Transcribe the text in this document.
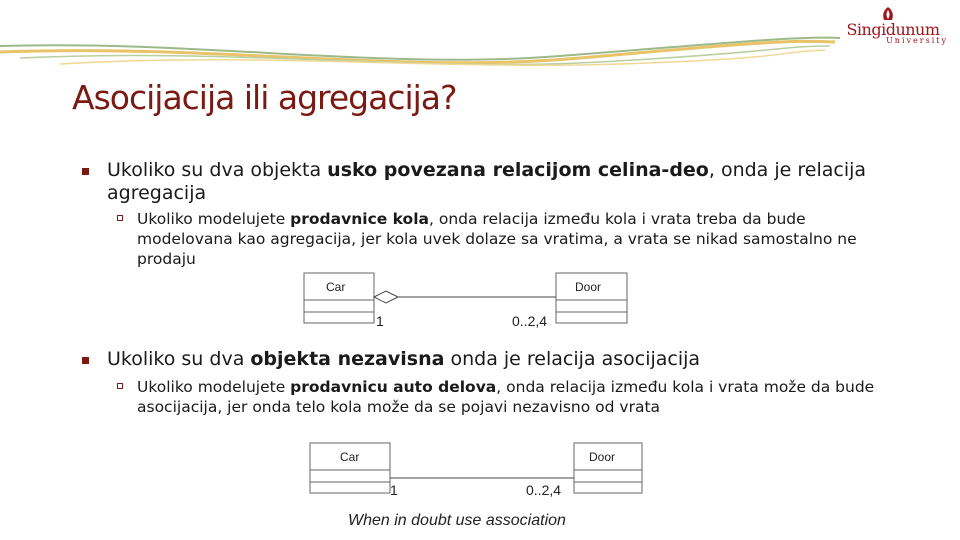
Singidunum
University
Asocijacija ili agregacija?
Ukoliko su dva objekta usko povezana relacijom celina-deo, onda je relacija agregacija
Ukoliko modelujete prodavnice kola, onda relacija između kola i vrata treba da bude modelovana kao agregacija, jer kola uvek dolaze sa vratima, a vrata se nikad samostalno ne prodaju
Car	Door
1	0..2,4
Ukoliko su dva objekta nezavisna onda je relacija asocijacija
Ukoliko modelujete prodavnicu auto delova, onda relacija između kola i vrata može da bude asocijacija, jer onda telo kola može da se pojavi nezavisno od vrata
Car	Door
1	0..2,4
When in doubt use association
